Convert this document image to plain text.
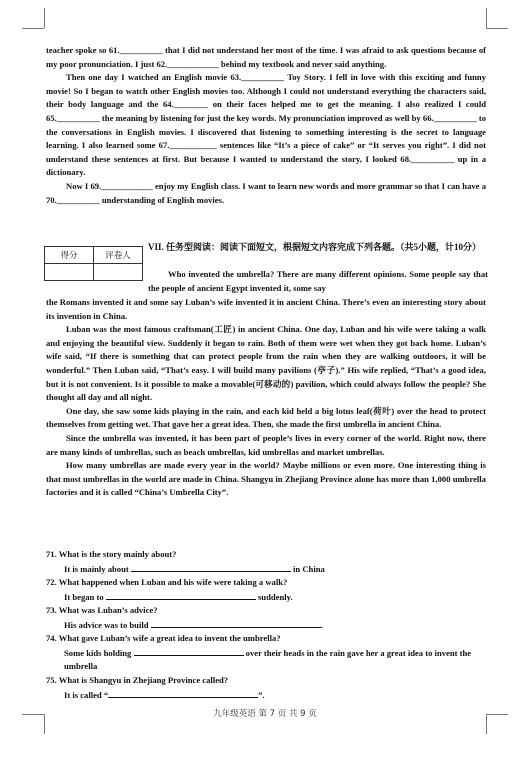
teacher spoke so 61.__________ that I did not understand her most of the time. I was afraid to ask questions because of my poor pronunciation. I just 62.____________ behind my textbook and never said anything.

Then one day I watched an English movie 63.__________ Toy Story. I fell in love with this exciting and funny movie! So I began to watch other English movies too. Although I could not understand everything the characters said, their body language and the 64.________ on their faces helped me to get the meaning. I also realized I could 65.__________ the meaning by listening for just the key words. My pronunciation improved as well by 66.__________ to the conversations in English movies. I discovered that listening to something interesting is the secret to language learning. I also learned some 67.___________ sentences like “It’s a piece of cake” or “It serves you right”. I did not understand these sentences at first. But because I wanted to understand the story, I looked 68.__________ up in a dictionary.

Now I 69.____________ enjoy my English class. I want to learn new words and more grammar so that I can have a 70.__________ understanding of English movies.

得分	评卷人

VII. 任务型阅读：阅读下面短文，根据短文内容完成下列各题。（共5小题，计10分）

Who invented the umbrella? There are many different opinions. Some people say that the people of ancient Egypt invented it, some say

the Romans invented it and some say Luban’s wife invented it in ancient China. There’s even an interesting story about its invention in China.

Luban was the most famous craftsman(工匠) in ancient China. One day, Luban and his wife were taking a walk and enjoying the beautiful view. Suddenly it began to rain. Both of them were wet when they got back home. Luban’s wife said, “If there is something that can protect people from the rain when they are walking outdoors, it will be wonderful.” Then Luban said, “That’s easy. I will build many pavilions (亭子).” His wife replied, “That’s a good idea, but it is not convenient. Is it possible to make a movable(可移动的) pavilion, which could always follow the people? She thought all day and all night.

One day, she saw some kids playing in the rain, and each kid held a big lotus leaf(荷叶) over the head to protect themselves from getting wet. That gave her a great idea. Then, she made the first umbrella in ancient China.

Since the umbrella was invented, it has been part of people’s lives in every corner of the world. Right now, there are many kinds of umbrellas, such as beach umbrellas, kid umbrellas and market umbrellas.

How many umbrellas are made every year in the world? Maybe millions or even more. One interesting thing is that most umbrellas in the world are made in China. Shangyu in Zhejiang Province alone has more than 1,000 umbrella factories and it is called “China’s Umbrella City”.

71. What is the story mainly about?
It is mainly about	in China
72. What happened when Luban and his wife were taking a walk?
It began to	suddenly.
73. What was Luban’s advice?
His advice was to build	.
74. What gave Luban’s wife a great idea to invent the umbrella?
Some kids holding	over their heads in the rain gave her a great idea to invent the umbrella
75. What is Shangyu in Zhejiang Province called?
It is called “	”.
九年级英语 第 7 页 共 9 页
